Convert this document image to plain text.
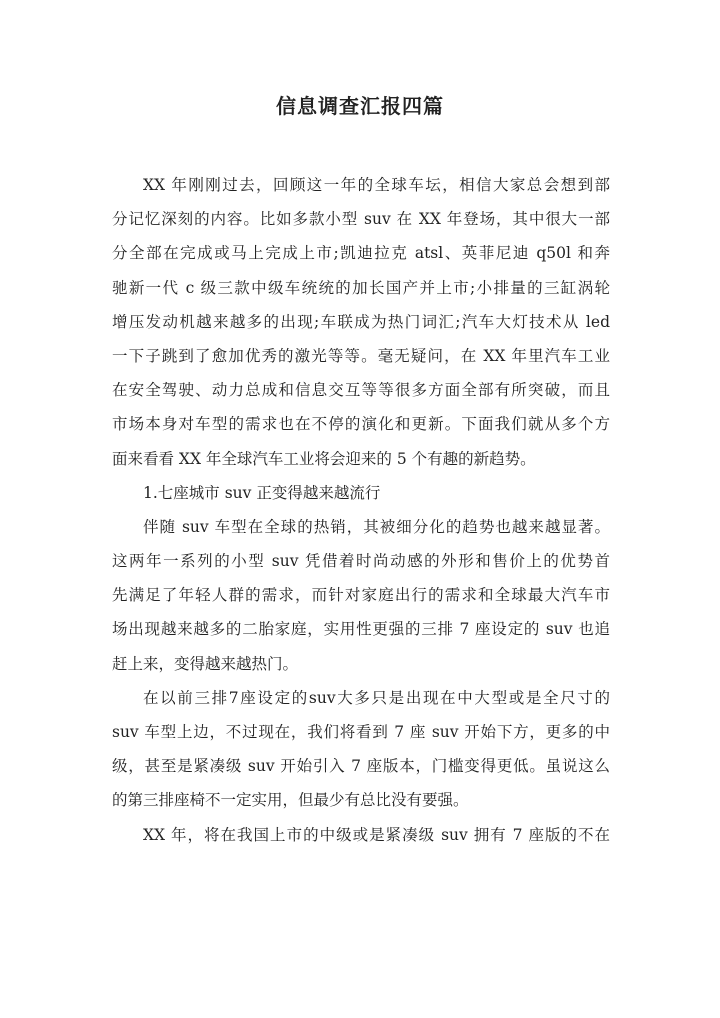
信息调查汇报四篇
XX 年刚刚过去，回顾这一年的全球车坛，相信大家总会想到部
分记忆深刻的内容。比如多款小型 suv 在 XX 年登场，其中很大一部
分全部在完成或马上完成上市;凯迪拉克 atsl、英菲尼迪 q50l 和奔
驰新一代 c 级三款中级车统统的加长国产并上市;小排量的三缸涡轮
增压发动机越来越多的出现;车联成为热门词汇;汽车大灯技术从 led
一下子跳到了愈加优秀的激光等等。毫无疑问，在 XX 年里汽车工业
在安全驾驶、动力总成和信息交互等等很多方面全部有所突破，而且
市场本身对车型的需求也在不停的演化和更新。下面我们就从多个方
面来看看 XX 年全球汽车工业将会迎来的 5 个有趣的新趋势。
1.七座城市 suv 正变得越来越流行
伴随 suv 车型在全球的热销，其被细分化的趋势也越来越显著。
这两年一系列的小型 suv 凭借着时尚动感的外形和售价上的优势首
先满足了年轻人群的需求，而针对家庭出行的需求和全球最大汽车市
场出现越来越多的二胎家庭，实用性更强的三排 7 座设定的 suv 也追
赶上来，变得越来越热门。
在以前三排7座设定的suv大多只是出现在中大型或是全尺寸的
suv 车型上边，不过现在，我们将看到 7 座 suv 开始下方，更多的中
级，甚至是紧凑级 suv 开始引入 7 座版本，门槛变得更低。虽说这么
的第三排座椅不一定实用，但最少有总比没有要强。
XX 年，将在我国上市的中级或是紧凑级 suv 拥有 7 座版的不在
